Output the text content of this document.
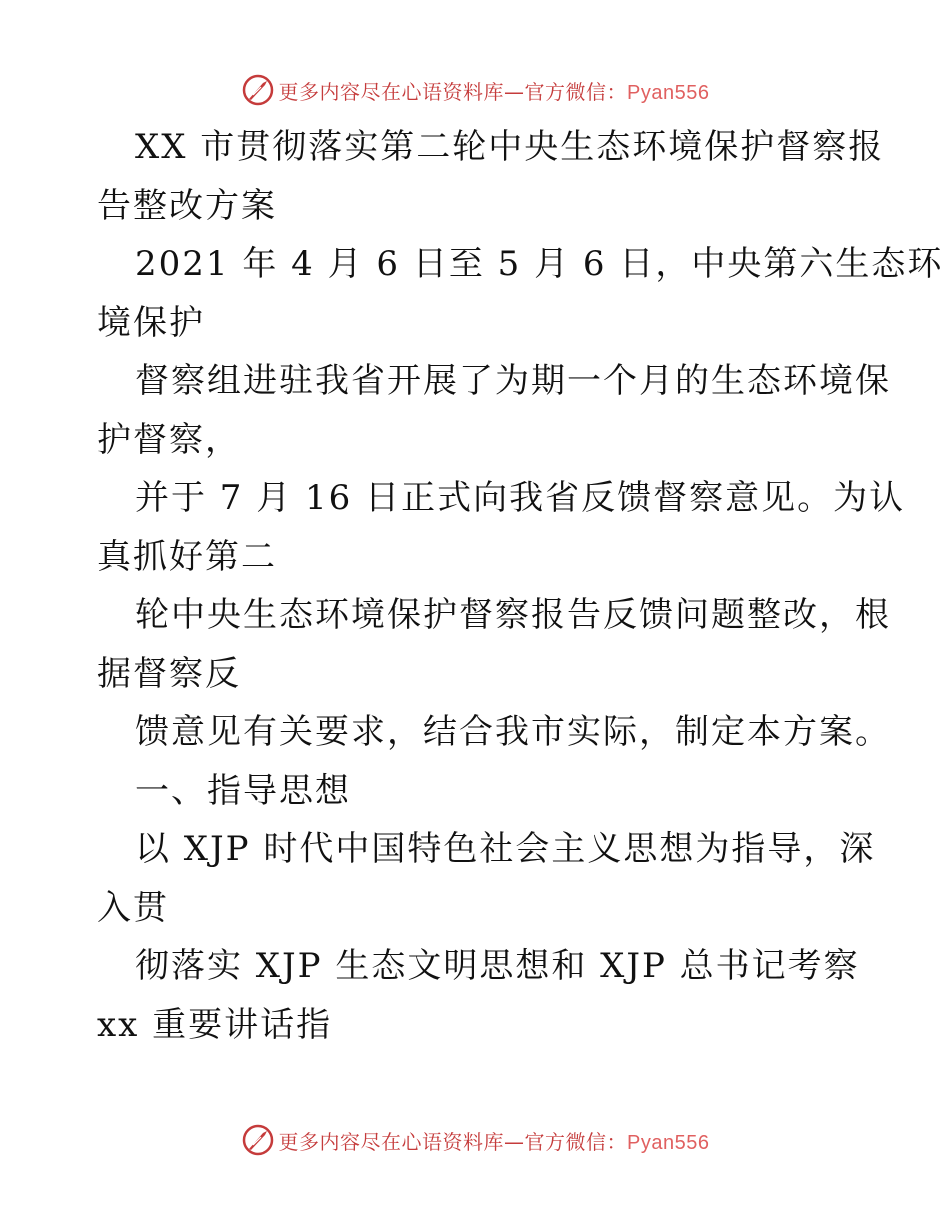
更多内容尽在心语资料库—官方微信：Pyan556
XX 市贯彻落实第二轮中央生态环境保护督察报
告整改方案
2021 年 4 月 6 日至 5 月 6 日，中央第六生态环
境保护
督察组进驻我省开展了为期一个月的生态环境保
护督察，
并于 7 月 16 日正式向我省反馈督察意见。为认
真抓好第二
轮中央生态环境保护督察报告反馈问题整改，根
据督察反
馈意见有关要求，结合我市实际，制定本方案。
一、指导思想
以 XJP 时代中国特色社会主义思想为指导，深
入贯
彻落实 XJP 生态文明思想和 XJP 总书记考察
xx 重要讲话指
更多内容尽在心语资料库—官方微信：Pyan556
